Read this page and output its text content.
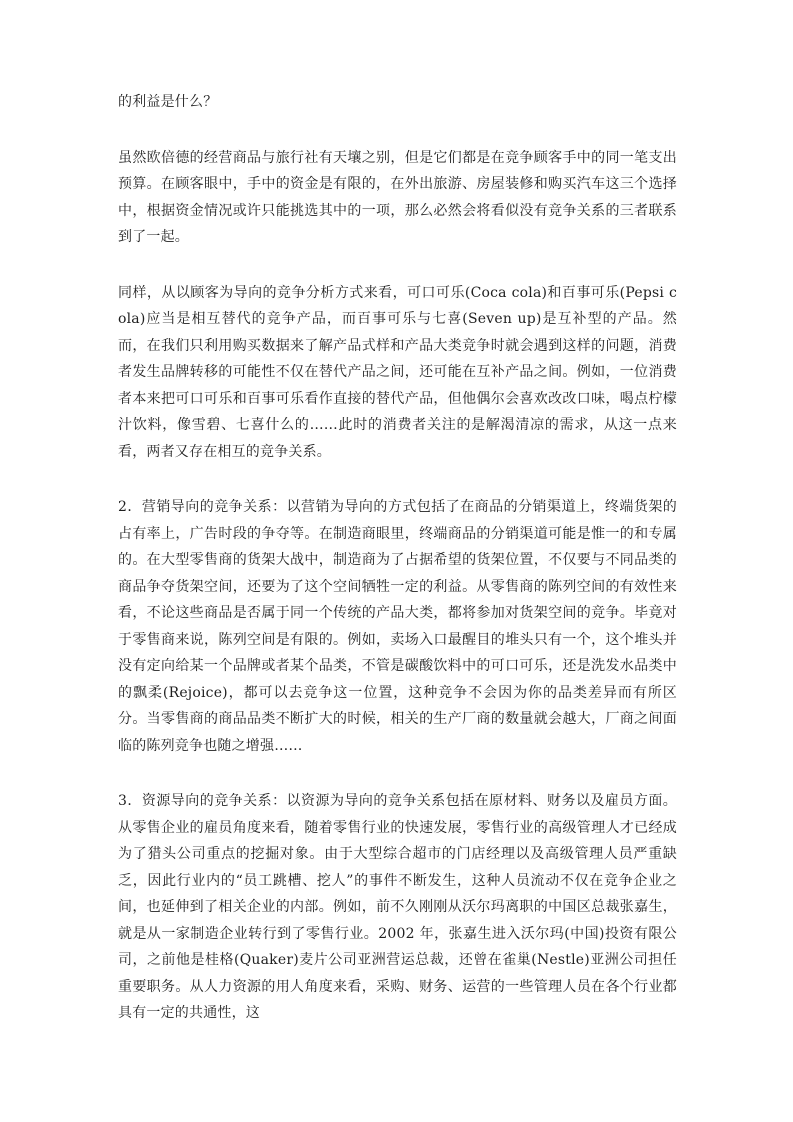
的利益是什么？

虽然欧倍德的经营商品与旅行社有天壤之别，但是它们都是在竞争顾客手中的同一笔支出预算。在顾客眼中，手中的资金是有限的，在外出旅游、房屋装修和购买汽车这三个选择中，根据资金情况或许只能挑选其中的一项，那么必然会将看似没有竞争关系的三者联系到了一起。

同样，从以顾客为导向的竞争分析方式来看，可口可乐(Coca cola)和百事可乐(Pepsi cola)应当是相互替代的竞争产品，而百事可乐与七喜(Seven up)是互补型的产品。然而，在我们只利用购买数据来了解产品式样和产品大类竞争时就会遇到这样的问题，消费者发生品牌转移的可能性不仅在替代产品之间，还可能在互补产品之间。例如，一位消费者本来把可口可乐和百事可乐看作直接的替代产品，但他偶尔会喜欢改改口味，喝点柠檬汁饮料，像雪碧、七喜什么的……此时的消费者关注的是解渴清凉的需求，从这一点来看，两者又存在相互的竞争关系。

2．营销导向的竞争关系：以营销为导向的方式包括了在商品的分销渠道上，终端货架的占有率上，广告时段的争夺等。在制造商眼里，终端商品的分销渠道可能是惟一的和专属的。在大型零售商的货架大战中，制造商为了占据希望的货架位置，不仅要与不同品类的商品争夺货架空间，还要为了这个空间牺牲一定的利益。从零售商的陈列空间的有效性来看，不论这些商品是否属于同一个传统的产品大类，都将参加对货架空间的竞争。毕竟对于零售商来说，陈列空间是有限的。例如，卖场入口最醒目的堆头只有一个，这个堆头并没有定向给某一个品牌或者某个品类，不管是碳酸饮料中的可口可乐，还是洗发水品类中的飘柔(Rejoice)，都可以去竞争这一位置，这种竞争不会因为你的品类差异而有所区分。当零售商的商品品类不断扩大的时候，相关的生产厂商的数量就会越大，厂商之间面临的陈列竞争也随之增强……

3．资源导向的竞争关系：以资源为导向的竞争关系包括在原材料、财务以及雇员方面。从零售企业的雇员角度来看，随着零售行业的快速发展，零售行业的高级管理人才已经成为了猎头公司重点的挖掘对象。由于大型综合超市的门店经理以及高级管理人员严重缺乏，因此行业内的“员工跳槽、挖人”的事件不断发生，这种人员流动不仅在竞争企业之间，也延伸到了相关企业的内部。例如，前不久刚刚从沃尔玛离职的中国区总裁张嘉生，就是从一家制造企业转行到了零售行业。2002 年，张嘉生进入沃尔玛(中国)投资有限公司，之前他是桂格(Quaker)麦片公司亚洲营运总裁，还曾在雀巢(Nestle)亚洲公司担任重要职务。从人力资源的用人角度来看，采购、财务、运营的一些管理人员在各个行业都具有一定的共通性，这
